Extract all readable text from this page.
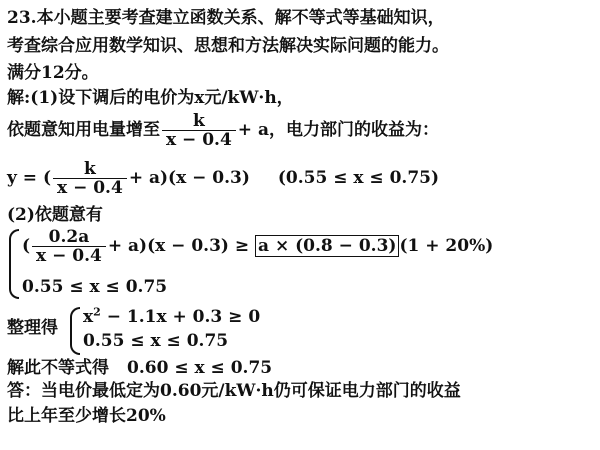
23.本小题主要考查建立函数关系、解不等式等基础知识，
考查综合应用数学知识、思想和方法解决实际问题的能力。
满分12分。
解:(1)设下调后的电价为x元/kW·h，
依题意知用电量增至 $\frac{k}{x - 0.4} + a$，电力部门的收益为：
y = ( $\frac{k}{x - 0.4} + a)(x - 0.3)$ (0.55 ≤ x ≤ 0.75)
(2)依题意有
( $\frac{0.2a}{x - 0.4} + a)(x - 0.3) \ge a \times (0.8 - 0.3)$ (1 + 20%)
0.55 ≤ x ≤ 0.75
整理得
$x^2 - 1.1x + 0.3 \ge 0$
0.55 ≤ x ≤ 0.75
解此不等式得 0.60 ≤ x ≤ 0.75
答：当电价最低定为0.60元/kW·h仍可保证电力部门的收益
比上年至少增长20%
